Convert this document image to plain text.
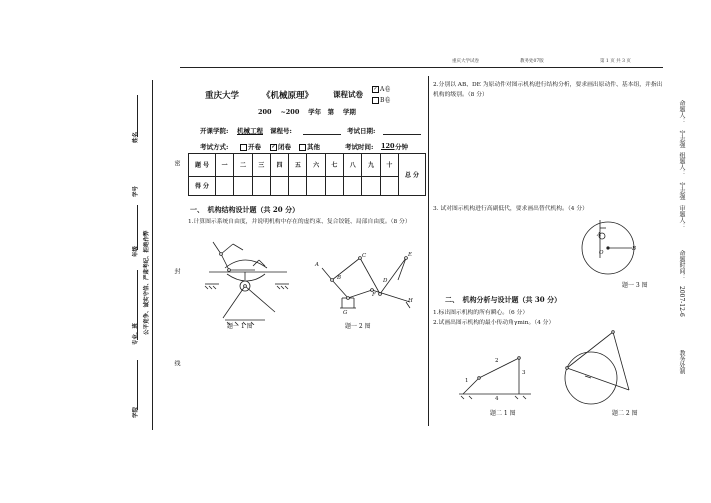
重庆大学试卷	教务处07版	第 1 页 共 3 页
密
封
线
学院
专业、班
年级
学号
姓名
公平竞争、诚实守信、严肃考纪、拒绝作弊
重庆大学	《机械原理》	课程试卷
✓ A卷
B卷
200　 ~200　 学年　第　 学期
开课学院: 机械工程 课程号:	考试日期:
考试方式:	开卷 ✓ 闭卷	其他	考试时间: 120 分钟
题 号	一	二	三	四	五	六	七	八	九	十	总 分
得 分											
一、　机构结构设计题（共 20 分）
1.计算图示系统自由度，并说明机构中存在的虚约束、复合铰链、局部自由度。（8 分）
题一 1 图
A
B
C
D
E
F
G
H
题一 2 图
2.分别以 AB、DE 为原动件对图示机构进行结构分析，要求画出原动件、基本组，并指出机构的级别。（8 分）
3. 试对图示机构进行高副低代，要求画出替代机构。（4 分）
A
O
B
题一 3 图
二、　机构分析与设计题（共 30 分）
1.标出图示机构的所有瞬心。（6 分）
2.试画出图示机构的最小传动角γmin。（4 分）
1
2
3
4
题二 1 图	题二 2 图
命题人：　宁志强
组题人：　宁志强
审题人：
命题时间：　2007-12-6
教务处制
